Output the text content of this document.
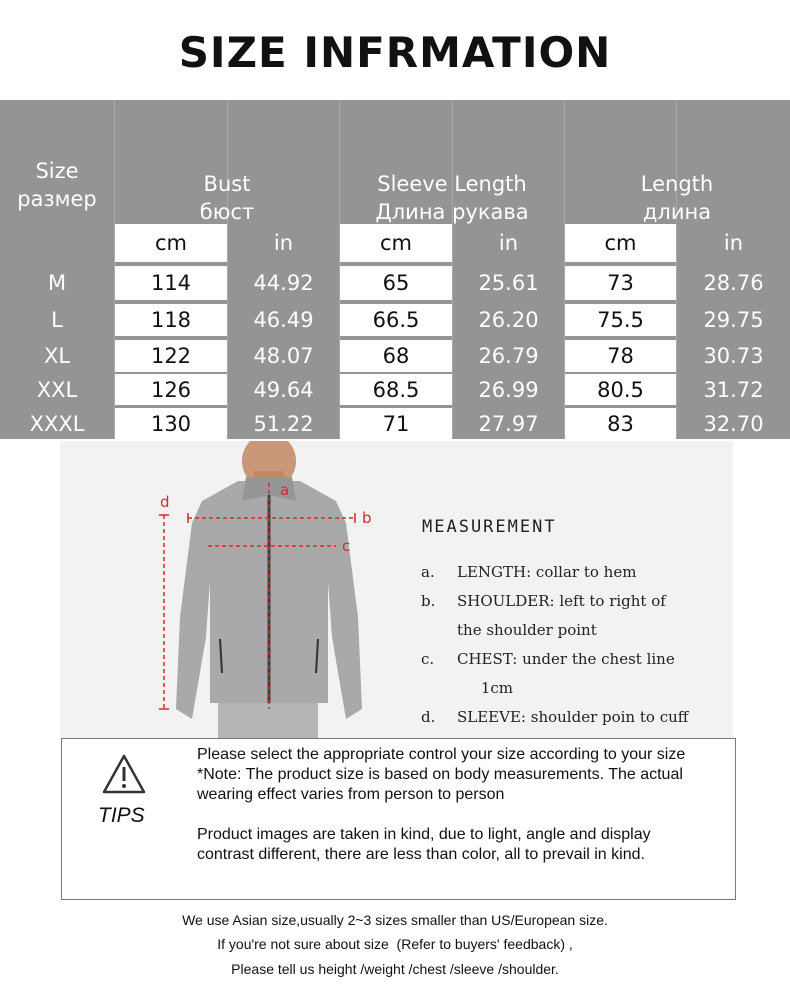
SIZE INFRMATION
Size
размер
Bust
бюст
Sleeve Length
Длина рукава
Length
длина
cm	in	cm	in	cm	in
M	114	44.92	65	25.61	73	28.76
L	118	46.49	66.5	26.20	75.5	29.75
XL	122	48.07	68	26.79	78	30.73
XXL	126	49.64	68.5	26.99	80.5	31.72
XXXL	130	51.22	71	27.97	83	32.70
a
b
c
d
MEASUREMENT
a. LENGTH: collar to hem
b. SHOULDER: left to right of
the shoulder point
c. CHEST: under the chest line
1cm
d. SLEEVE: shoulder poin to cuff
TIPS
Please select the appropriate control your size according to your size
*Note: The product size is based on body measurements. The actual
wearing effect varies from person to person
Product images are taken in kind, due to light, angle and display
contrast different, there are less than color, all to prevail in kind.
We use Asian size,usually 2~3 sizes smaller than US/European size.
If you're not sure about size  (Refer to buyers' feedback) ,
Please tell us height /weight /chest /sleeve /shoulder.
